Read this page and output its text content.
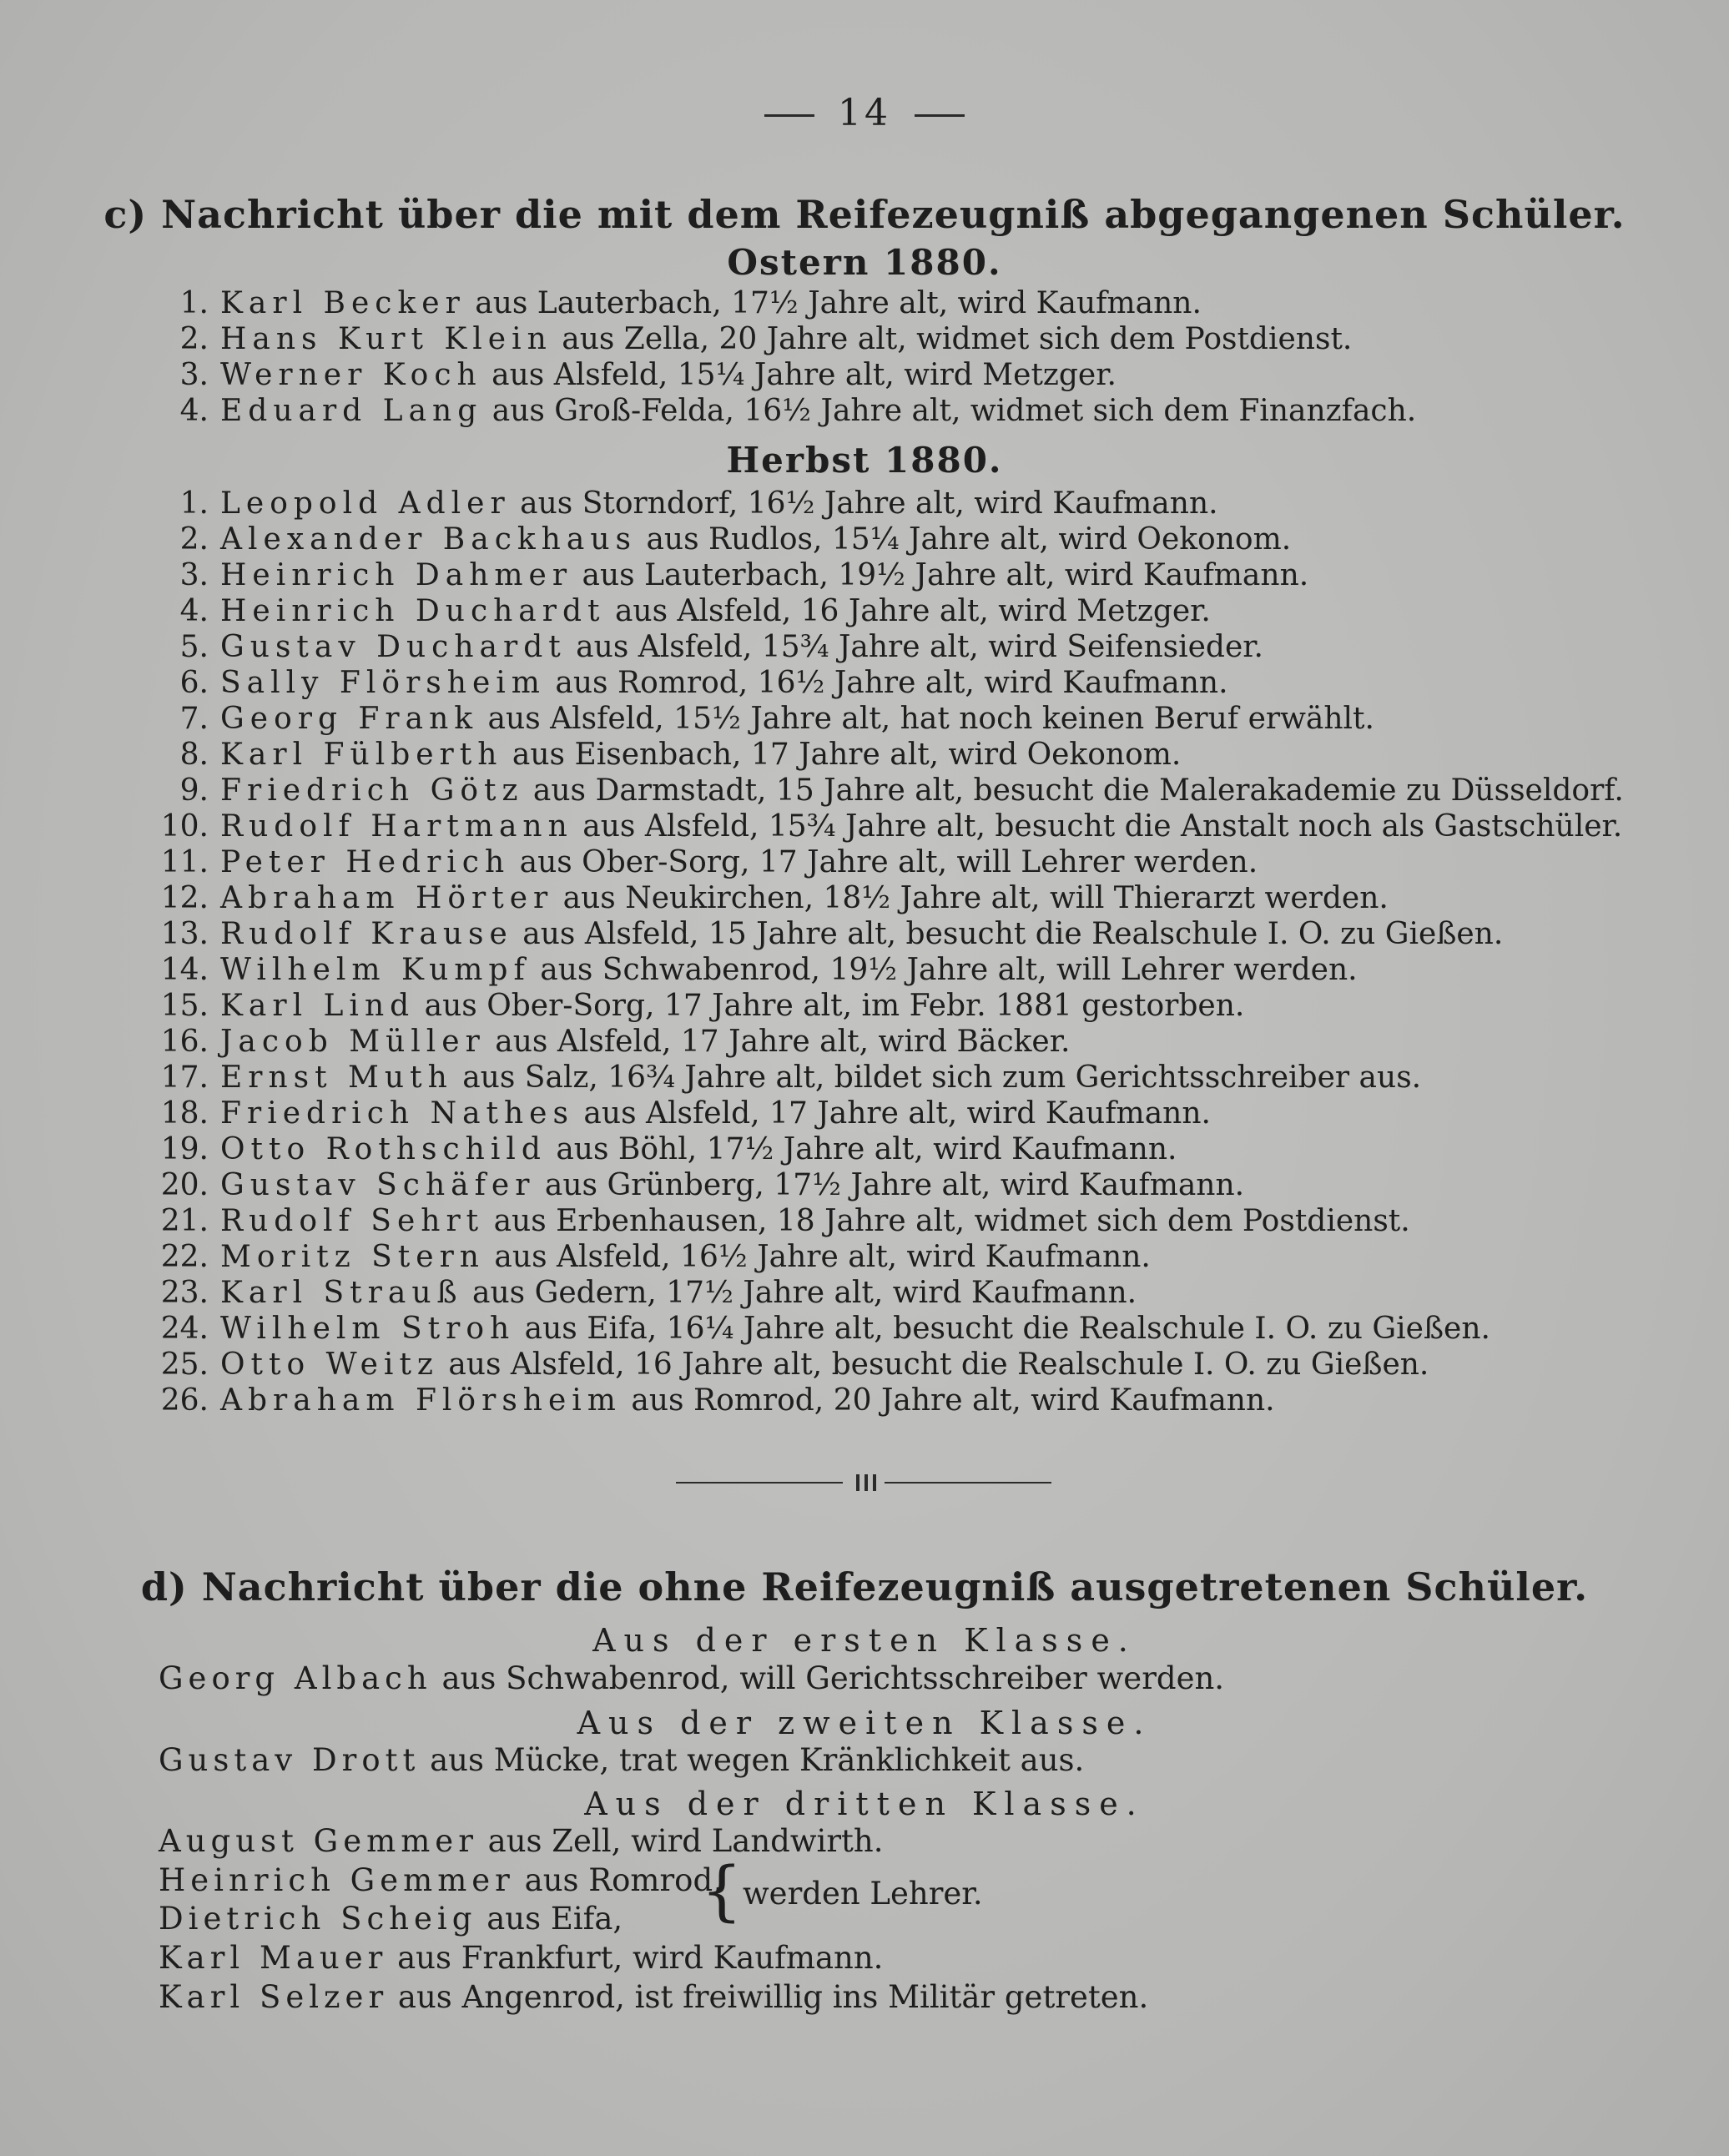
14
c) Nachricht über die mit dem Reifezeugniß abgegangenen Schüler.
Ostern 1880.
1. Karl Becker aus Lauterbach, 17½ Jahre alt, wird Kaufmann.
2. Hans Kurt Klein aus Zella, 20 Jahre alt, widmet sich dem Postdienst.
3. Werner Koch aus Alsfeld, 15¼ Jahre alt, wird Metzger.
4. Eduard Lang aus Groß-Felda, 16½ Jahre alt, widmet sich dem Finanzfach.
Herbst 1880.
1. Leopold Adler aus Storndorf, 16½ Jahre alt, wird Kaufmann.
2. Alexander Backhaus aus Rudlos, 15¼ Jahre alt, wird Oekonom.
3. Heinrich Dahmer aus Lauterbach, 19½ Jahre alt, wird Kaufmann.
4. Heinrich Duchardt aus Alsfeld, 16 Jahre alt, wird Metzger.
5. Gustav Duchardt aus Alsfeld, 15¾ Jahre alt, wird Seifensieder.
6. Sally Flörsheim aus Romrod, 16½ Jahre alt, wird Kaufmann.
7. Georg Frank aus Alsfeld, 15½ Jahre alt, hat noch keinen Beruf erwählt.
8. Karl Fülberth aus Eisenbach, 17 Jahre alt, wird Oekonom.
9. Friedrich Götz aus Darmstadt, 15 Jahre alt, besucht die Malerakademie zu Düsseldorf.
10. Rudolf Hartmann aus Alsfeld, 15¾ Jahre alt, besucht die Anstalt noch als Gastschüler.
11. Peter Hedrich aus Ober-Sorg, 17 Jahre alt, will Lehrer werden.
12. Abraham Hörter aus Neukirchen, 18½ Jahre alt, will Thierarzt werden.
13. Rudolf Krause aus Alsfeld, 15 Jahre alt, besucht die Realschule I. O. zu Gießen.
14. Wilhelm Kumpf aus Schwabenrod, 19½ Jahre alt, will Lehrer werden.
15. Karl Lind aus Ober-Sorg, 17 Jahre alt, im Febr. 1881 gestorben.
16. Jacob Müller aus Alsfeld, 17 Jahre alt, wird Bäcker.
17. Ernst Muth aus Salz, 16¾ Jahre alt, bildet sich zum Gerichtsschreiber aus.
18. Friedrich Nathes aus Alsfeld, 17 Jahre alt, wird Kaufmann.
19. Otto Rothschild aus Böhl, 17½ Jahre alt, wird Kaufmann.
20. Gustav Schäfer aus Grünberg, 17½ Jahre alt, wird Kaufmann.
21. Rudolf Sehrt aus Erbenhausen, 18 Jahre alt, widmet sich dem Postdienst.
22. Moritz Stern aus Alsfeld, 16½ Jahre alt, wird Kaufmann.
23. Karl Strauß aus Gedern, 17½ Jahre alt, wird Kaufmann.
24. Wilhelm Stroh aus Eifa, 16¼ Jahre alt, besucht die Realschule I. O. zu Gießen.
25. Otto Weitz aus Alsfeld, 16 Jahre alt, besucht die Realschule I. O. zu Gießen.
26. Abraham Flörsheim aus Romrod, 20 Jahre alt, wird Kaufmann.
d) Nachricht über die ohne Reifezeugniß ausgetretenen Schüler.
Aus der ersten Klasse.
Georg Albach aus Schwabenrod, will Gerichtsschreiber werden.
Aus der zweiten Klasse.
Gustav Drott aus Mücke, trat wegen Kränklichkeit aus.
Aus der dritten Klasse.
August Gemmer aus Zell, wird Landwirth.
Heinrich Gemmer aus Romrod,
Dietrich Scheig aus Eifa, { werden Lehrer.
Karl Mauer aus Frankfurt, wird Kaufmann.
Karl Selzer aus Angenrod, ist freiwillig ins Militär getreten.
